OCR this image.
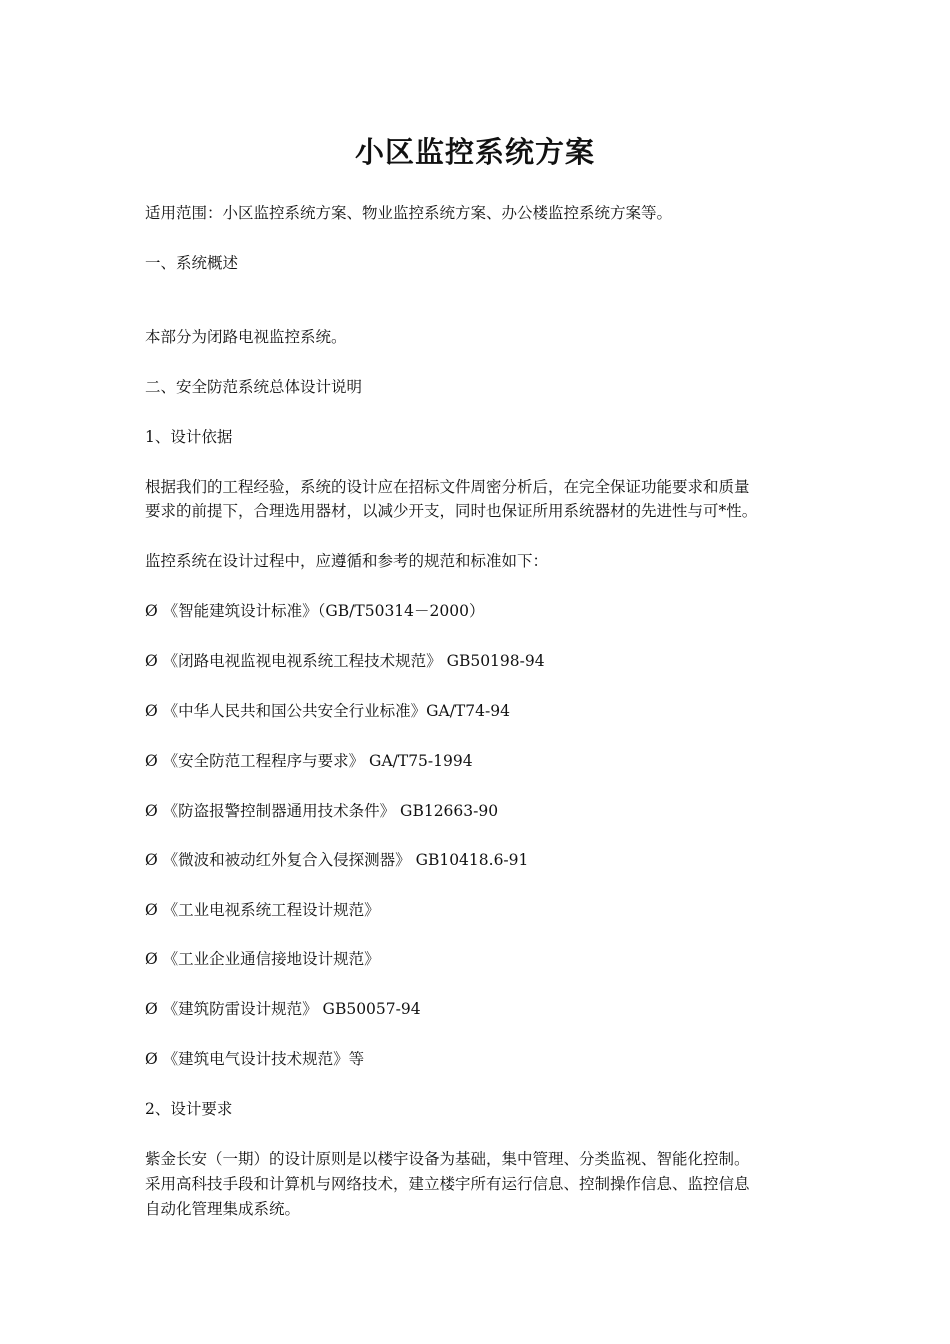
小区监控系统方案
适用范围：小区监控系统方案、物业监控系统方案、办公楼监控系统方案等。
一、系统概述
本部分为闭路电视监控系统。
二、安全防范系统总体设计说明
1、设计依据
根据我们的工程经验，系统的设计应在招标文件周密分析后，在完全保证功能要求和质量
要求的前提下，合理选用器材，以减少开支，同时也保证所用系统器材的先进性与可*性。
监控系统在设计过程中，应遵循和参考的规范和标准如下：
Ø 《智能建筑设计标准》（GB/T50314－2000）
Ø 《闭路电视监视电视系统工程技术规范》 GB50198-94
Ø 《中华人民共和国公共安全行业标准》GA/T74-94
Ø 《安全防范工程程序与要求》 GA/T75-1994
Ø 《防盗报警控制器通用技术条件》 GB12663-90
Ø 《微波和被动红外复合入侵探测器》 GB10418.6-91
Ø 《工业电视系统工程设计规范》
Ø 《工业企业通信接地设计规范》
Ø 《建筑防雷设计规范》 GB50057-94
Ø 《建筑电气设计技术规范》等
2、设计要求
紫金长安（一期）的设计原则是以楼宇设备为基础，集中管理、分类监视、智能化控制。
采用高科技手段和计算机与网络技术，建立楼宇所有运行信息、控制操作信息、监控信息
自动化管理集成系统。
